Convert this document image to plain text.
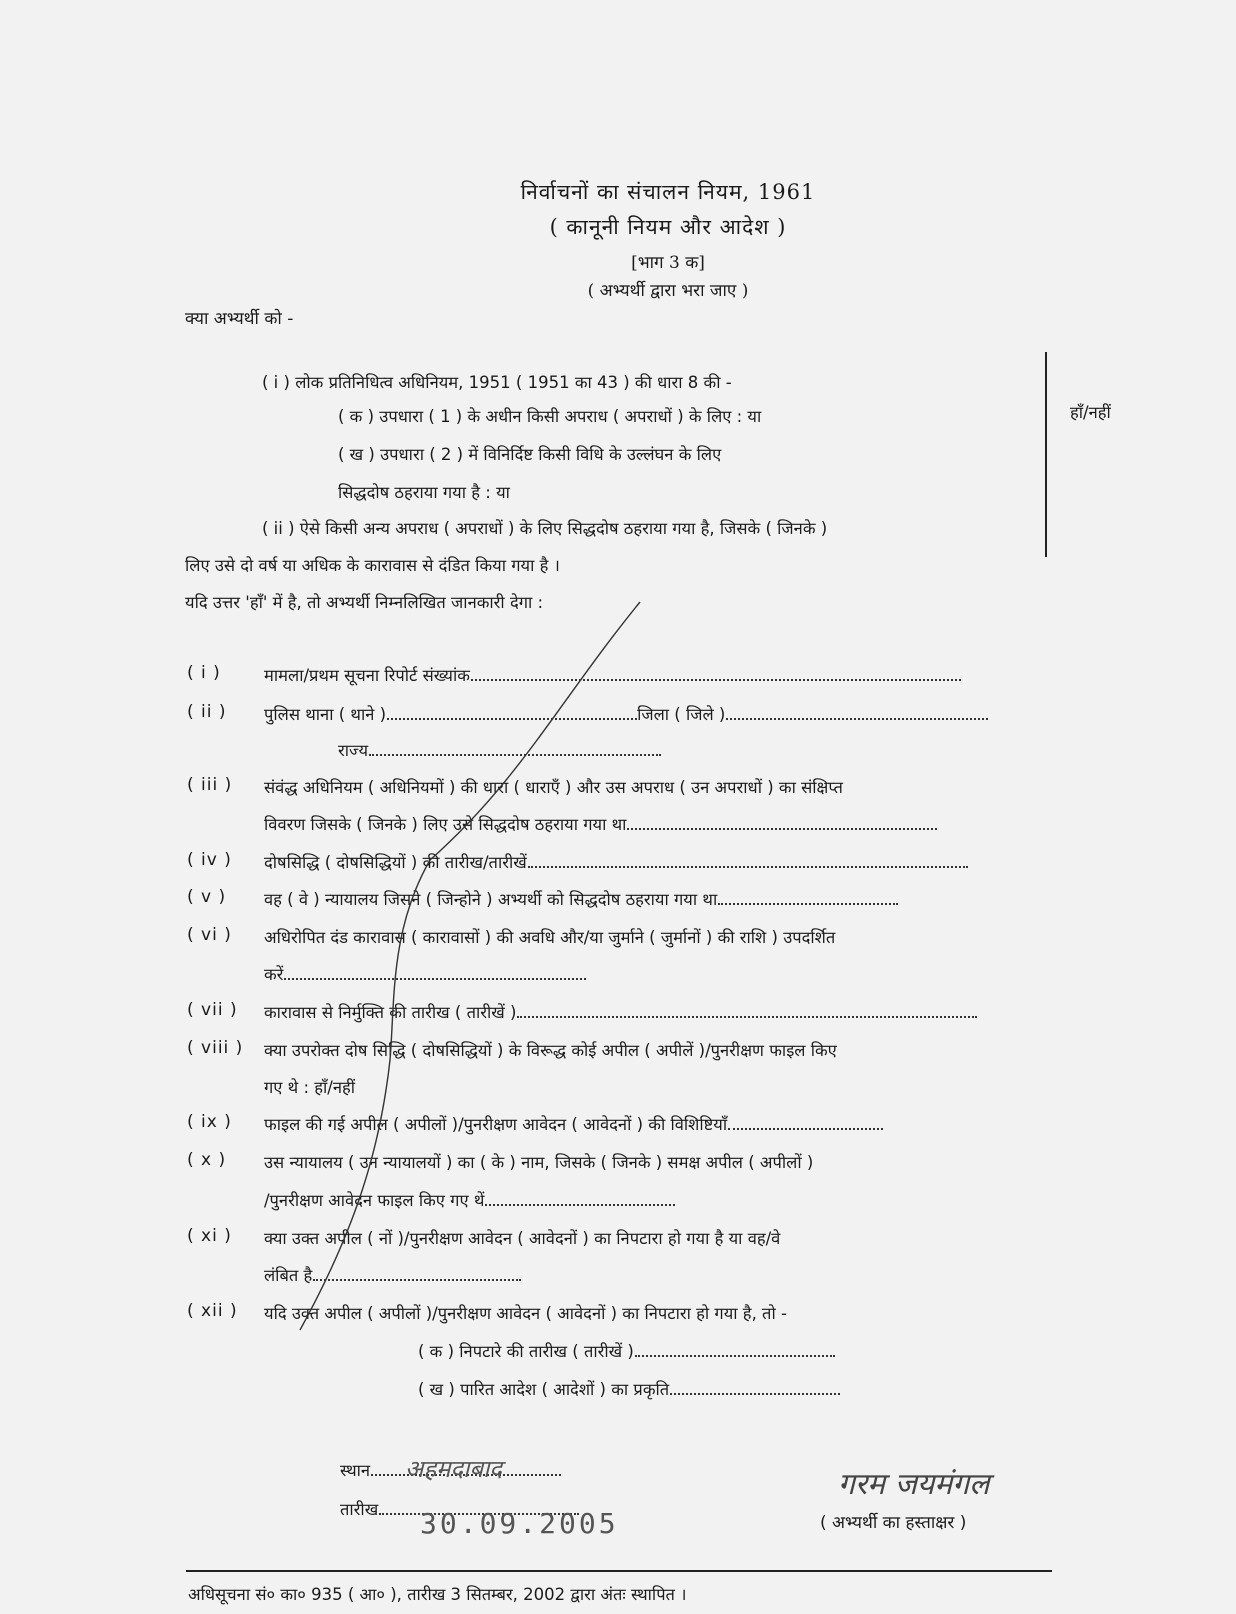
निर्वाचनों का संचालन नियम, 1961
( कानूनी नियम और आदेश )
[भाग 3 क]
( अभ्यर्थी द्वारा भरा जाए )
क्या अभ्यर्थी को -
हाँ/नहीं
( i ) लोक प्रतिनिधित्व अधिनियम, 1951 ( 1951 का 43 ) की धारा 8 की -
( क ) उपधारा ( 1 ) के अधीन किसी अपराध ( अपराधों ) के लिए : या
( ख ) उपधारा ( 2 ) में विनिर्दिष्ट किसी विधि के उल्लंघन के लिए
सिद्धदोष ठहराया गया है : या
( ii ) ऐसे किसी अन्य अपराध ( अपराधों ) के लिए सिद्धदोष ठहराया गया है, जिसके ( जिनके )
लिए उसे दो वर्ष या अधिक के कारावास से दंडित किया गया है ।
यदि उत्तर 'हाँ' में है, तो अभ्यर्थी निम्नलिखित जानकारी देगा :
( i )	मामला/प्रथम सूचना रिपोर्ट संख्यांक
( ii ) पुलिस थाना ( थाने )	जिला ( जिले )
राज्य
( iii ) संवंद्ध अधिनियम ( अधिनियमों ) की धारा ( धाराएँ ) और उस अपराध ( उन अपराधों ) का संक्षिप्त
विवरण जिसके ( जिनके ) लिए उसे सिद्धदोष ठहराया गया था
( iv ) दोषसिद्धि ( दोषसिद्धियों ) की तारीख/तारीखें
( v ) वह ( वे ) न्यायालय जिसने ( जिन्होने ) अभ्यर्थी को सिद्धदोष ठहराया गया था
( vi ) अधिरोपित दंड कारावास ( कारावासों ) की अवधि और/या जुर्माने ( जुर्मानों ) की राशि ) उपदर्शित
करें
( vii ) कारावास से निर्मुक्ति की तारीख ( तारीखें )
( viii ) क्या उपरोक्त दोष सिद्धि ( दोषसिद्धियों ) के विरूद्ध कोई अपील ( अपीलें )/पुनरीक्षण फाइल किए
गए थे : हाँ/नहीं
( ix ) फाइल की गई अपील ( अपीलों )/पुनरीक्षण आवेदन ( आवेदनों ) की विशिष्टियाँ
( x ) उस न्यायालय ( उन न्यायालयों ) का ( के ) नाम, जिसके ( जिनके ) समक्ष अपील ( अपीलों )
/पुनरीक्षण आवेदन फाइल किए गए थें
( xi ) क्या उक्त अपील ( नों )/पुनरीक्षण आवेदन ( आवेदनों ) का निपटारा हो गया है या वह/वे
लंबित है
( xii ) यदि उक्त अपील ( अपीलों )/पुनरीक्षण आवेदन ( आवेदनों ) का निपटारा हो गया है, तो -
( क ) निपटारे की तारीख ( तारीखें )
( ख ) पारित आदेश ( आदेशों ) का प्रकृति
स्थान	अहमदाबाद
तारीख	30.09.2005
गरम जयमंगल
( अभ्यर्थी का हस्ताक्षर )
अधिसूचना सं० का० 935 ( आ० ), तारीख 3 सितम्बर, 2002 द्वारा अंतः स्थापित ।
